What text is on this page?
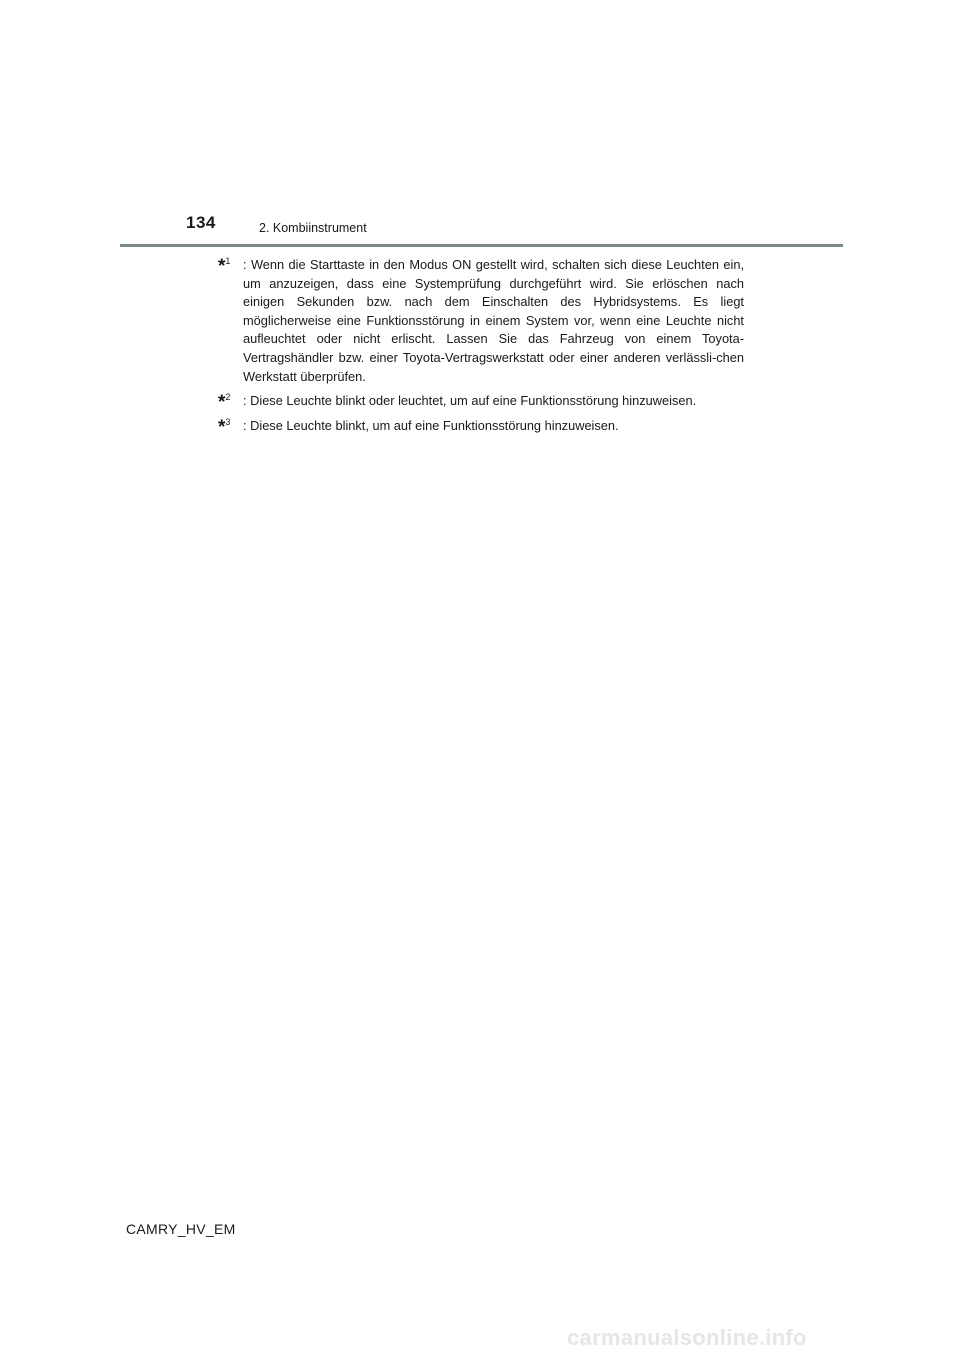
134	2. Kombiinstrument
*$^1$ : Wenn die Starttaste in den Modus ON gestellt wird, schalten sich diese Leuchten ein, um anzuzeigen, dass eine Systemprüfung durchgeführt wird. Sie erlöschen nach einigen Sekunden bzw. nach dem Einschalten des Hybridsystems. Es liegt möglicherweise eine Funktionsstörung in einem System vor, wenn eine Leuchte nicht aufleuchtet oder nicht erlischt. Lassen Sie das Fahrzeug von einem Toyota-Vertragshändler bzw. einer Toyota-Vertragswerkstatt oder einer anderen verlässli-chen Werkstatt überprüfen.
*$^2$ : Diese Leuchte blinkt oder leuchtet, um auf eine Funktionsstörung hinzuweisen.
*$^3$ : Diese Leuchte blinkt, um auf eine Funktionsstörung hinzuweisen.
CAMRY_HV_EM
carmanualsonline.info
